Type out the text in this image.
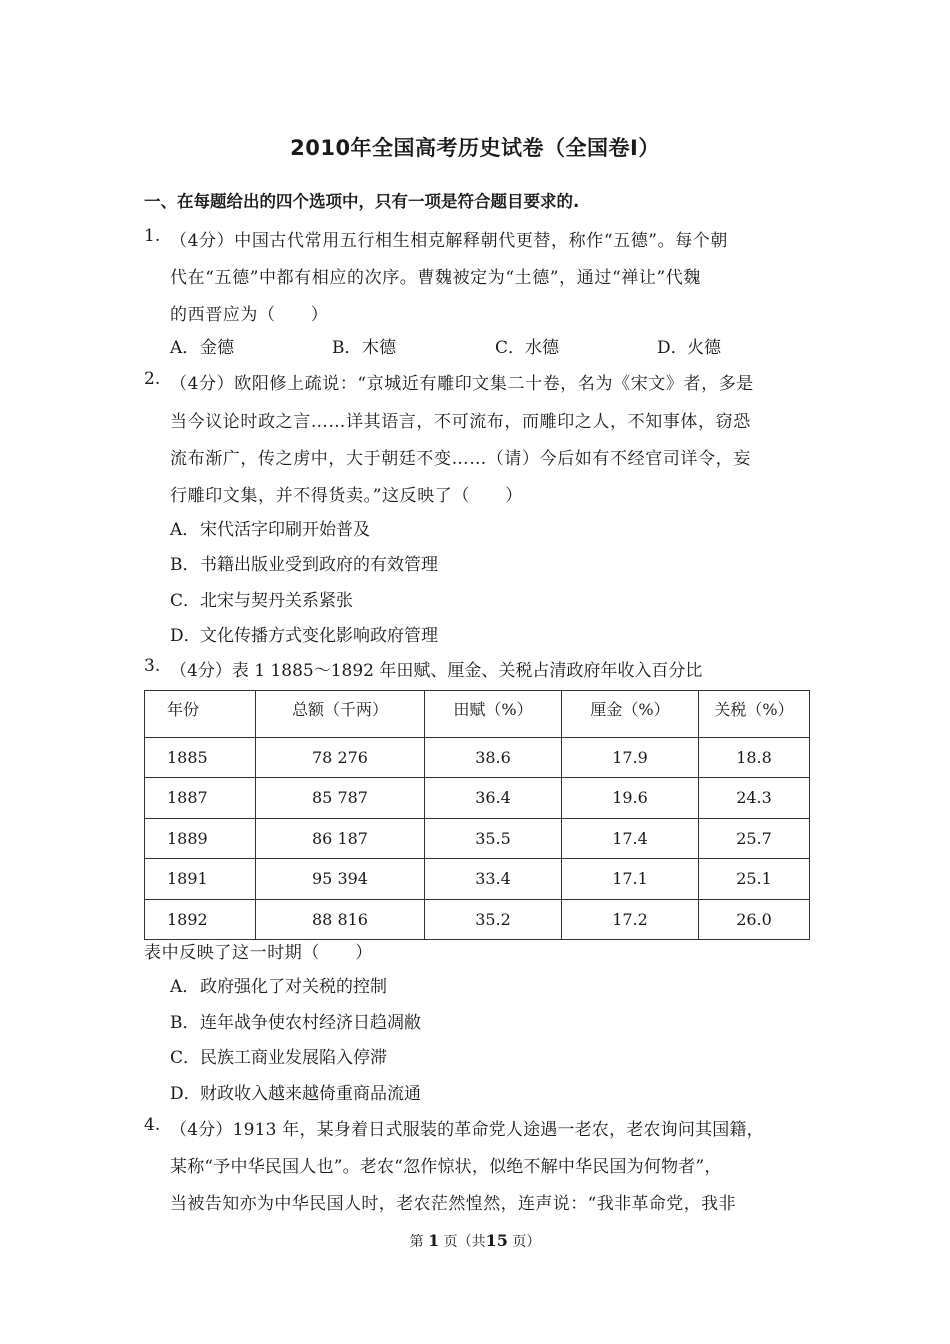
2010年全国高考历史试卷（全国卷Ⅰ）
一、在每题给出的四个选项中，只有一项是符合题目要求的.
1. （4分）中国古代常用五行相生相克解释朝代更替，称作“五德”。每个朝
代在“五德”中都有相应的次序。曹魏被定为“土德”，通过“禅让”代魏
的西晋应为（　　）
A．金德	B．木德	C．水德	D．火德
2. （4分）欧阳修上疏说：“京城近有雕印文集二十卷，名为《宋文》者，多是
当今议论时政之言……详其语言，不可流布，而雕印之人，不知事体，窃恐
流布渐广，传之虏中，大于朝廷不变……（请）今后如有不经官司详令，妄
行雕印文集，并不得货卖。”这反映了（　　）
A．宋代活字印刷开始普及
B．书籍出版业受到政府的有效管理
C．北宋与契丹关系紧张
D．文化传播方式变化影响政府管理
3. （4分）表 1 1885～1892 年田赋、厘金、关税占清政府年收入百分比
年份	总额（千两）	田赋（%）	厘金（%）	关税（%）
1885	78 276	38.6	17.9	18.8
1887	85 787	36.4	19.6	24.3
1889	86 187	35.5	17.4	25.7
1891	95 394	33.4	17.1	25.1
1892	88 816	35.2	17.2	26.0
表中反映了这一时期（　　）
A．政府强化了对关税的控制
B．连年战争使农村经济日趋凋敝
C．民族工商业发展陷入停滞
D．财政收入越来越倚重商品流通
4. （4分）1913 年，某身着日式服装的革命党人途遇一老农，老农询问其国籍，
某称“予中华民国人也”。老农“忽作惊状，似绝不解中华民国为何物者”，
当被告知亦为中华民国人时，老农茫然惶然，连声说：“我非革命党，我非
第 1 页（共15 页）
